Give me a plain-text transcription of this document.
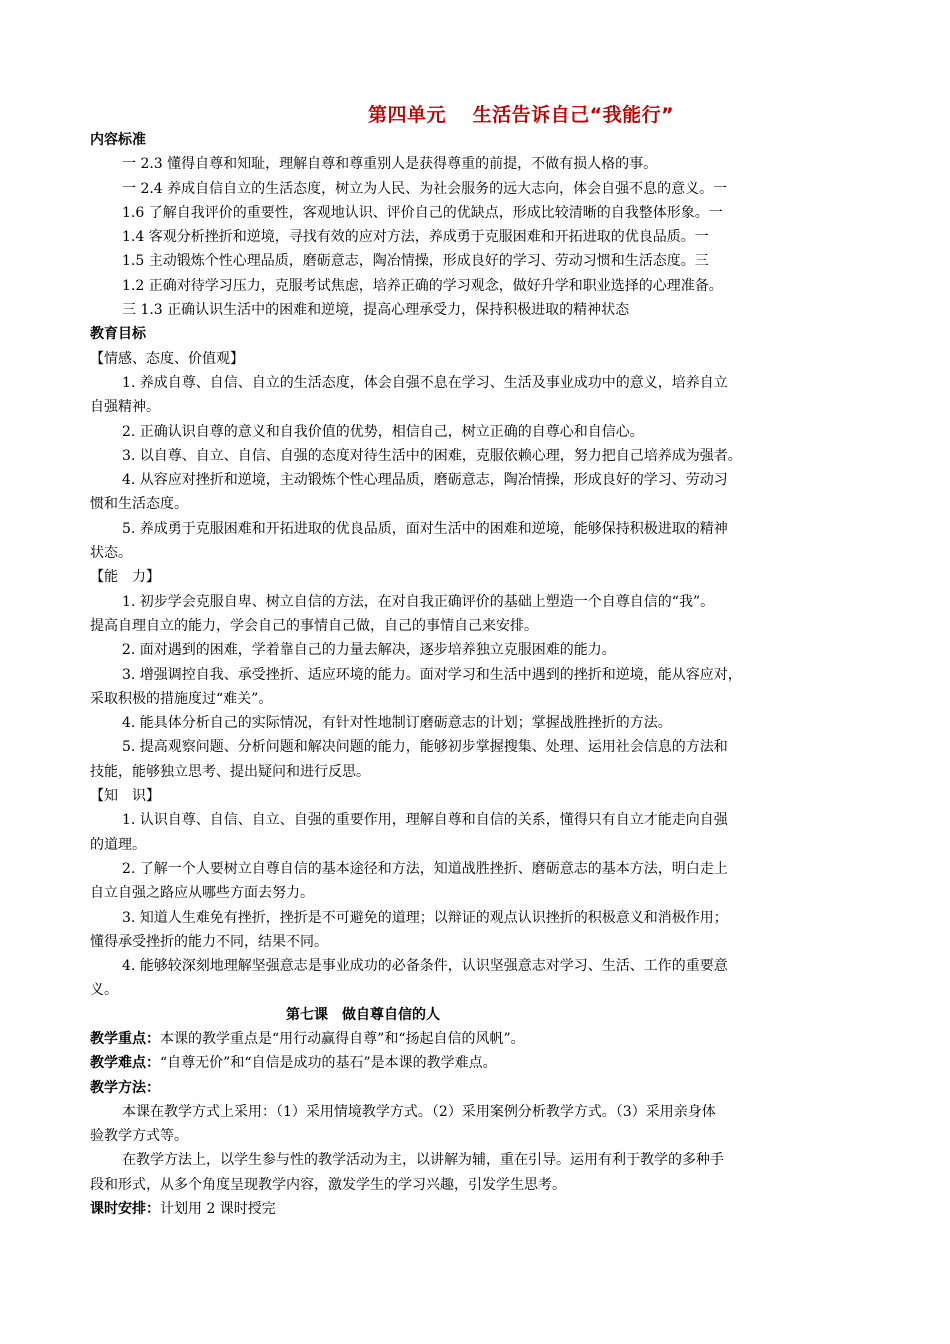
第四单元　 生活告诉自己“我能行”
内容标准
一 2.3 懂得自尊和知耻，理解自尊和尊重别人是获得尊重的前提，不做有损人格的事。
一 2.4 养成自信自立的生活态度，树立为人民、为社会服务的远大志向，体会自强不息的意义。一
1.6 了解自我评价的重要性，客观地认识、评价自己的优缺点，形成比较清晰的自我整体形象。一
1.4 客观分析挫折和逆境，寻找有效的应对方法，养成勇于克服困难和开拓进取的优良品质。一
1.5 主动锻炼个性心理品质，磨砺意志，陶冶情操，形成良好的学习、劳动习惯和生活态度。三
1.2 正确对待学习压力，克服考试焦虑，培养正确的学习观念，做好升学和职业选择的心理准备。
三 1.3 正确认识生活中的困难和逆境，提高心理承受力，保持积极进取的精神状态
教育目标
【情感、态度、价值观】
1. 养成自尊、自信、自立的生活态度，体会自强不息在学习、生活及事业成功中的意义，培养自立
自强精神。
2. 正确认识自尊的意义和自我价值的优势，相信自己，树立正确的自尊心和自信心。
3. 以自尊、自立、自信、自强的态度对待生活中的困难，克服依赖心理，努力把自己培养成为强者。
4. 从容应对挫折和逆境，主动锻炼个性心理品质，磨砺意志，陶冶情操，形成良好的学习、劳动习
惯和生活态度。
5. 养成勇于克服困难和开拓进取的优良品质，面对生活中的困难和逆境，能够保持积极进取的精神
状态。
【能　力】
1. 初步学会克服自卑、树立自信的方法，在对自我正确评价的基础上塑造一个自尊自信的“我”。
提高自理自立的能力，学会自己的事情自己做，自己的事情自己来安排。
2. 面对遇到的困难，学着靠自己的力量去解决，逐步培养独立克服困难的能力。
3. 增强调控自我、承受挫折、适应环境的能力。面对学习和生活中遇到的挫折和逆境，能从容应对，
采取积极的措施度过“难关”。
4. 能具体分析自己的实际情况，有针对性地制订磨砺意志的计划；掌握战胜挫折的方法。
5. 提高观察问题、分析问题和解决问题的能力，能够初步掌握搜集、处理、运用社会信息的方法和
技能，能够独立思考、提出疑问和进行反思。
【知　识】
1. 认识自尊、自信、自立、自强的重要作用，理解自尊和自信的关系，懂得只有自立才能走向自强
的道理。
2. 了解一个人要树立自尊自信的基本途径和方法，知道战胜挫折、磨砺意志的基本方法，明白走上
自立自强之路应从哪些方面去努力。
3. 知道人生难免有挫折，挫折是不可避免的道理；以辩证的观点认识挫折的积极意义和消极作用；
懂得承受挫折的能力不同，结果不同。
4. 能够较深刻地理解坚强意志是事业成功的必备条件，认识坚强意志对学习、生活、工作的重要意
义。
第七课　做自尊自信的人
教学重点：本课的教学重点是“用行动赢得自尊”和“扬起自信的风帆”。
教学难点：“自尊无价”和“自信是成功的基石”是本课的教学难点。
教学方法：
本课在教学方式上采用：（1）采用情境教学方式。（2）采用案例分析教学方式。（3）采用亲身体
验教学方式等。
在教学方法上，以学生参与性的教学活动为主，以讲解为辅，重在引导。运用有利于教学的多种手
段和形式，从多个角度呈现教学内容，激发学生的学习兴趣，引发学生思考。
课时安排：计划用 2 课时授完
